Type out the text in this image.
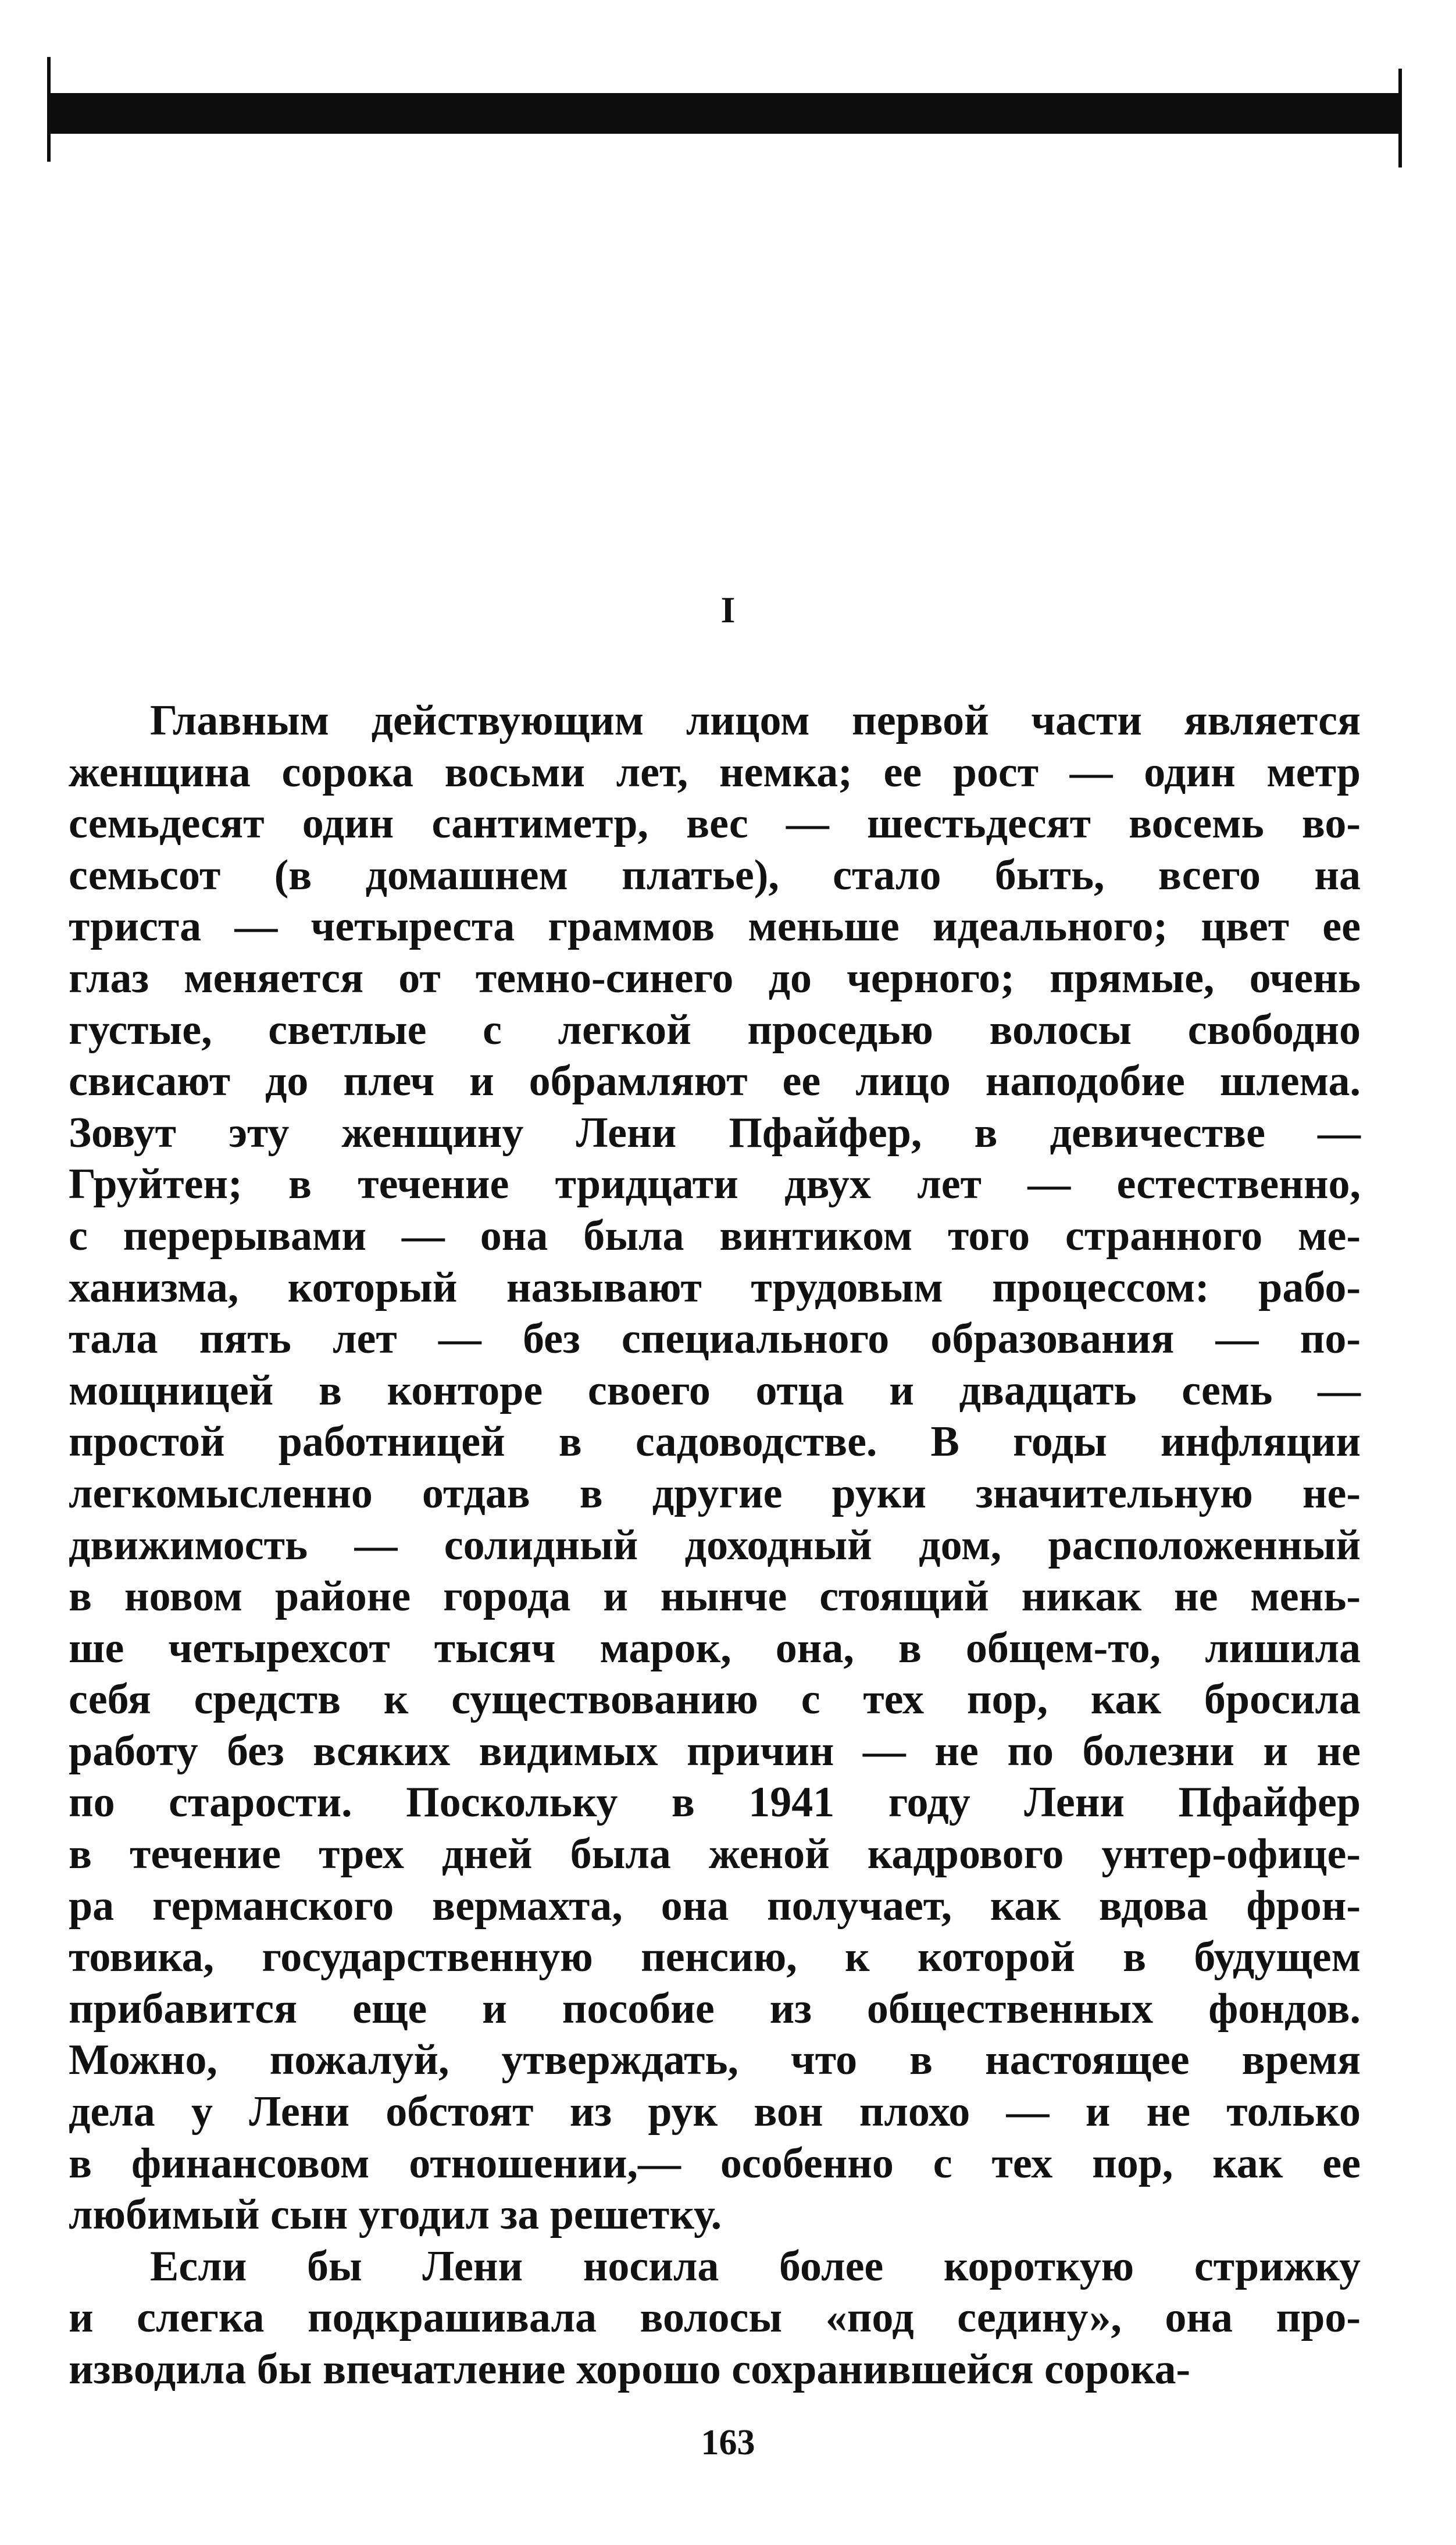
I
Главным действующим лицом первой части является
женщина сорока восьми лет, немка; ее рост — один метр
семьдесят один сантиметр, вес — шестьдесят восемь во-
семьсот (в домашнем платье), стало быть, всего на
триста — четыреста граммов меньше идеального; цвет ее
глаз меняется от темно-синего до черного; прямые, очень
густые, светлые с легкой проседью волосы свободно
свисают до плеч и обрамляют ее лицо наподобие шлема.
Зовут эту женщину Лени Пфайфер, в девичестве —
Груйтен; в течение тридцати двух лет — естественно,
с перерывами — она была винтиком того странного ме-
ханизма, который называют трудовым процессом: рабо-
тала пять лет — без специального образования — по-
мощницей в конторе своего отца и двадцать семь —
простой работницей в садоводстве. В годы инфляции
легкомысленно отдав в другие руки значительную не-
движимость — солидный доходный дом, расположенный
в новом районе города и нынче стоящий никак не мень-
ше четырехсот тысяч марок, она, в общем-то, лишила
себя средств к существованию с тех пор, как бросила
работу без всяких видимых причин — не по болезни и не
по старости. Поскольку в 1941 году Лени Пфайфер
в течение трех дней была женой кадрового унтер-офице-
ра германского вермахта, она получает, как вдова фрон-
товика, государственную пенсию, к которой в будущем
прибавится еще и пособие из общественных фондов.
Можно, пожалуй, утверждать, что в настоящее время
дела у Лени обстоят из рук вон плохо — и не только
в финансовом отношении,— особенно с тех пор, как ее
любимый сын угодил за решетку.
Если бы Лени носила более короткую стрижку
и слегка подкрашивала волосы «под седину», она про-
изводила бы впечатление хорошо сохранившейся сорока-
163
